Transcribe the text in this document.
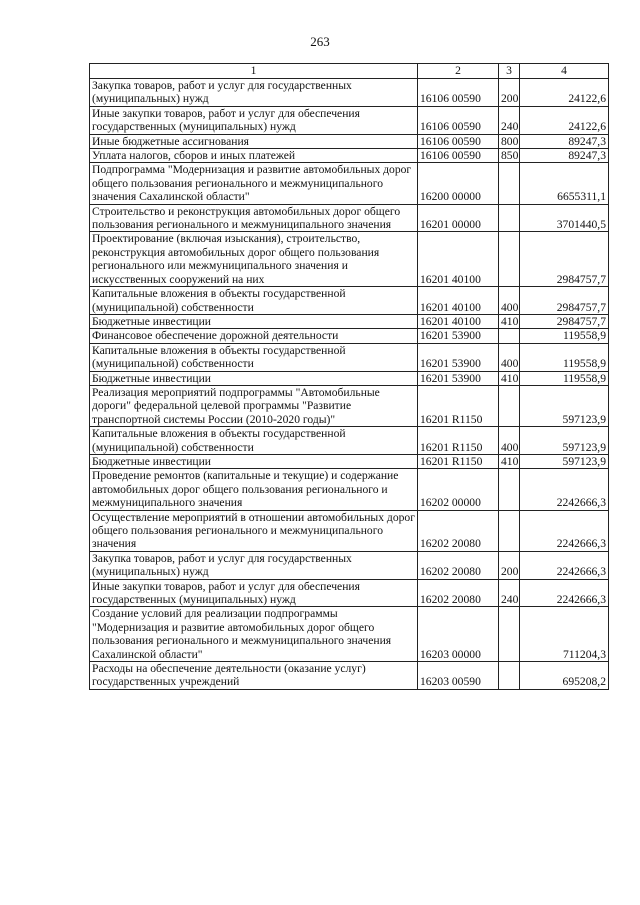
263
1	2	3	4
Закупка товаров, работ и услуг для государственных (муниципальных) нужд	16106 00590	200	24122,6
Иные закупки товаров, работ и услуг для обеспечения государственных (муниципальных) нужд	16106 00590	240	24122,6
Иные бюджетные ассигнования	16106 00590	800	89247,3
Уплата налогов, сборов и иных платежей	16106 00590	850	89247,3
Подпрограмма "Модернизация и развитие автомобильных дорог общего пользования регионального и межмуниципального значения Сахалинской области"	16200 00000		6655311,1
Строительство и реконструкция автомобильных дорог общего пользования регионального и межмуниципального значения	16201 00000		3701440,5
Проектирование (включая изыскания), строительство, реконструкция автомобильных дорог общего пользования регионального или межмуниципального значения и искусственных сооружений на них	16201 40100		2984757,7
Капитальные вложения в объекты государственной (муниципальной) собственности	16201 40100	400	2984757,7
Бюджетные инвестиции	16201 40100	410	2984757,7
Финансовое обеспечение дорожной деятельности	16201 53900		119558,9
Капитальные вложения в объекты государственной (муниципальной) собственности	16201 53900	400	119558,9
Бюджетные инвестиции	16201 53900	410	119558,9
Реализация мероприятий подпрограммы "Автомобильные дороги" федеральной целевой программы "Развитие транспортной системы России (2010-2020 годы)"	16201 R1150		597123,9
Капитальные вложения в объекты государственной (муниципальной) собственности	16201 R1150	400	597123,9
Бюджетные инвестиции	16201 R1150	410	597123,9
Проведение ремонтов (капитальные и текущие) и содержание автомобильных дорог общего пользования регионального и межмуниципального значения	16202 00000		2242666,3
Осуществление мероприятий в отношении автомобильных дорог общего пользования регионального и межмуниципального значения	16202 20080		2242666,3
Закупка товаров, работ и услуг для государственных (муниципальных) нужд	16202 20080	200	2242666,3
Иные закупки товаров, работ и услуг для обеспечения государственных (муниципальных) нужд	16202 20080	240	2242666,3
Создание условий для реализации подпрограммы "Модернизация и развитие автомобильных дорог общего пользования регионального и межмуниципального значения Сахалинской области"	16203 00000		711204,3
Расходы на обеспечение деятельности (оказание услуг) государственных учреждений	16203 00590		695208,2
